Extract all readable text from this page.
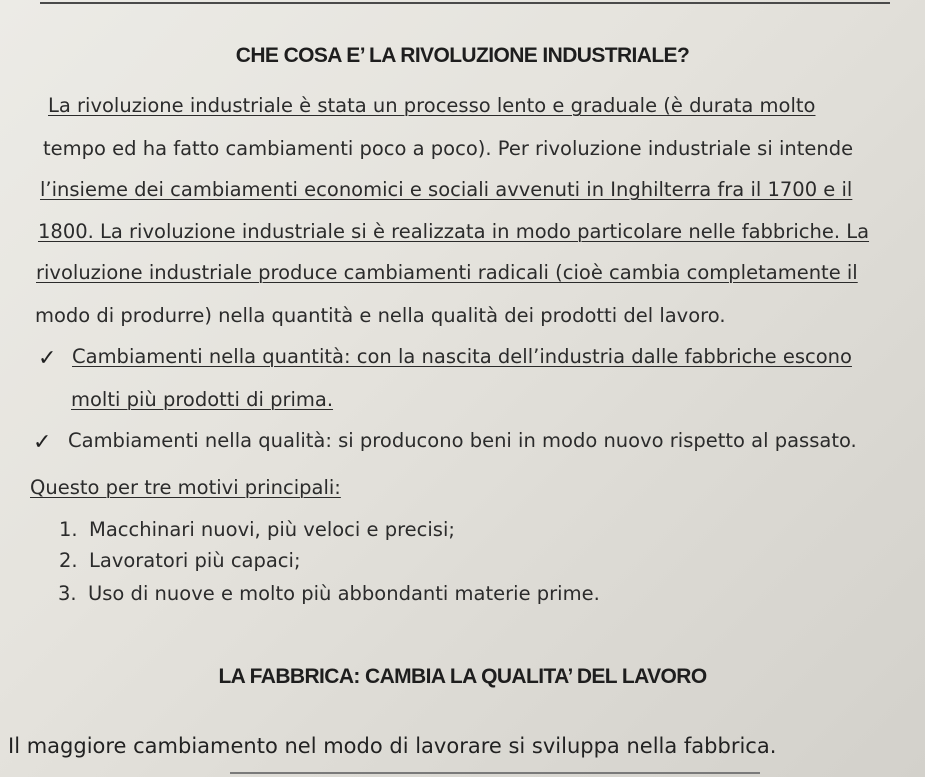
CHE COSA E’ LA RIVOLUZIONE INDUSTRIALE?
La rivoluzione industriale è stata un processo lento e graduale (è durata molto
tempo ed ha fatto cambiamenti poco a poco). Per rivoluzione industriale si intende
l’insieme dei cambiamenti economici e sociali avvenuti in Inghilterra fra il 1700 e il
1800. La rivoluzione industriale si è realizzata in modo particolare nelle fabbriche. La
rivoluzione industriale produce cambiamenti radicali (cioè cambia completamente il
modo di produrre) nella quantità e nella qualità dei prodotti del lavoro.
✓ Cambiamenti nella quantità: con la nascita dell’industria dalle fabbriche escono
molti più prodotti di prima.
✓ Cambiamenti nella qualità: si producono beni in modo nuovo rispetto al passato.
Questo per tre motivi principali:
1. Macchinari nuovi, più veloci e precisi;
2. Lavoratori più capaci;
3. Uso di nuove e molto più abbondanti materie prime.
LA FABBRICA: CAMBIA LA QUALITA’ DEL LAVORO
Il maggiore cambiamento nel modo di lavorare si sviluppa nella fabbrica.
